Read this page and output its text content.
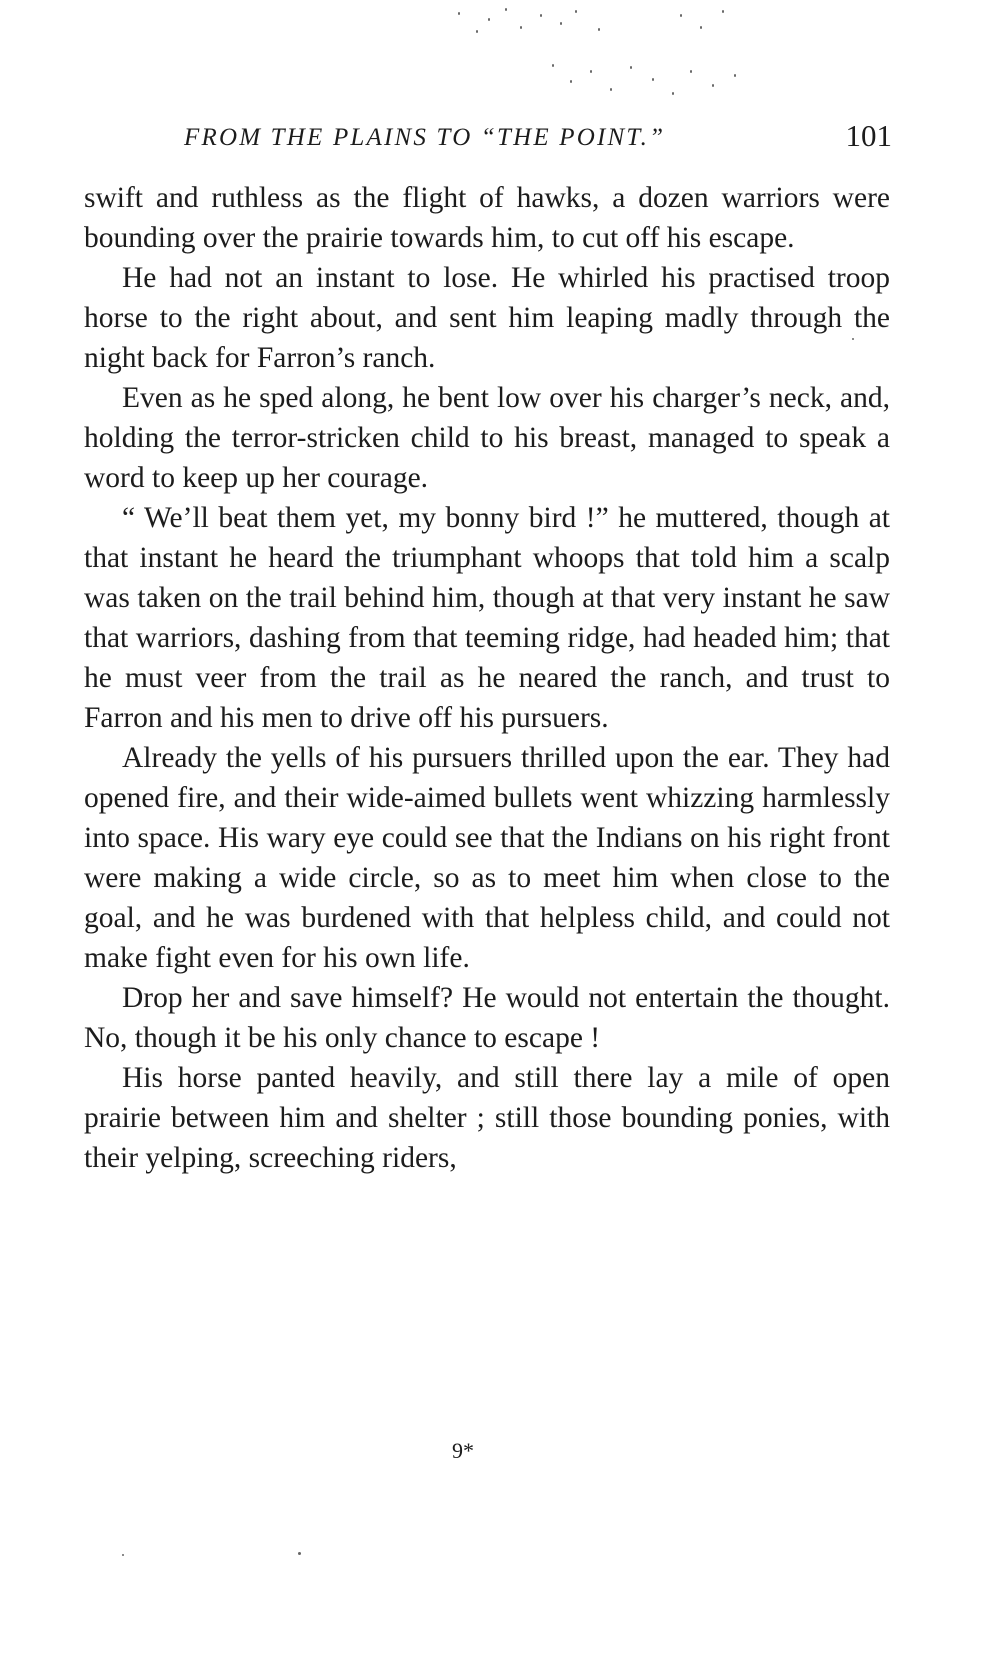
FROM THE PLAINS TO “THE POINT.”	101

swift and ruthless as the flight of hawks, a dozen warriors were bounding over the prairie towards him, to cut off his escape.

He had not an instant to lose. He whirled his practised troop horse to the right about, and sent him leaping madly through the night back for Farron’s ranch.

Even as he sped along, he bent low over his charger’s neck, and, holding the terror-stricken child to his breast, managed to speak a word to keep up her courage.

“ We’ll beat them yet, my bonny bird !” he muttered, though at that instant he heard the triumphant whoops that told him a scalp was taken on the trail behind him, though at that very instant he saw that warriors, dashing from that teeming ridge, had headed him; that he must veer from the trail as he neared the ranch, and trust to Farron and his men to drive off his pursuers.

Already the yells of his pursuers thrilled upon the ear. They had opened fire, and their wide-aimed bullets went whizzing harmlessly into space. His wary eye could see that the Indians on his right front were making a wide circle, so as to meet him when close to the goal, and he was burdened with that helpless child, and could not make fight even for his own life.

Drop her and save himself? He would not entertain the thought. No, though it be his only chance to escape !

His horse panted heavily, and still there lay a mile of open prairie between him and shelter ; still those bounding ponies, with their yelping, screeching riders,

9*
